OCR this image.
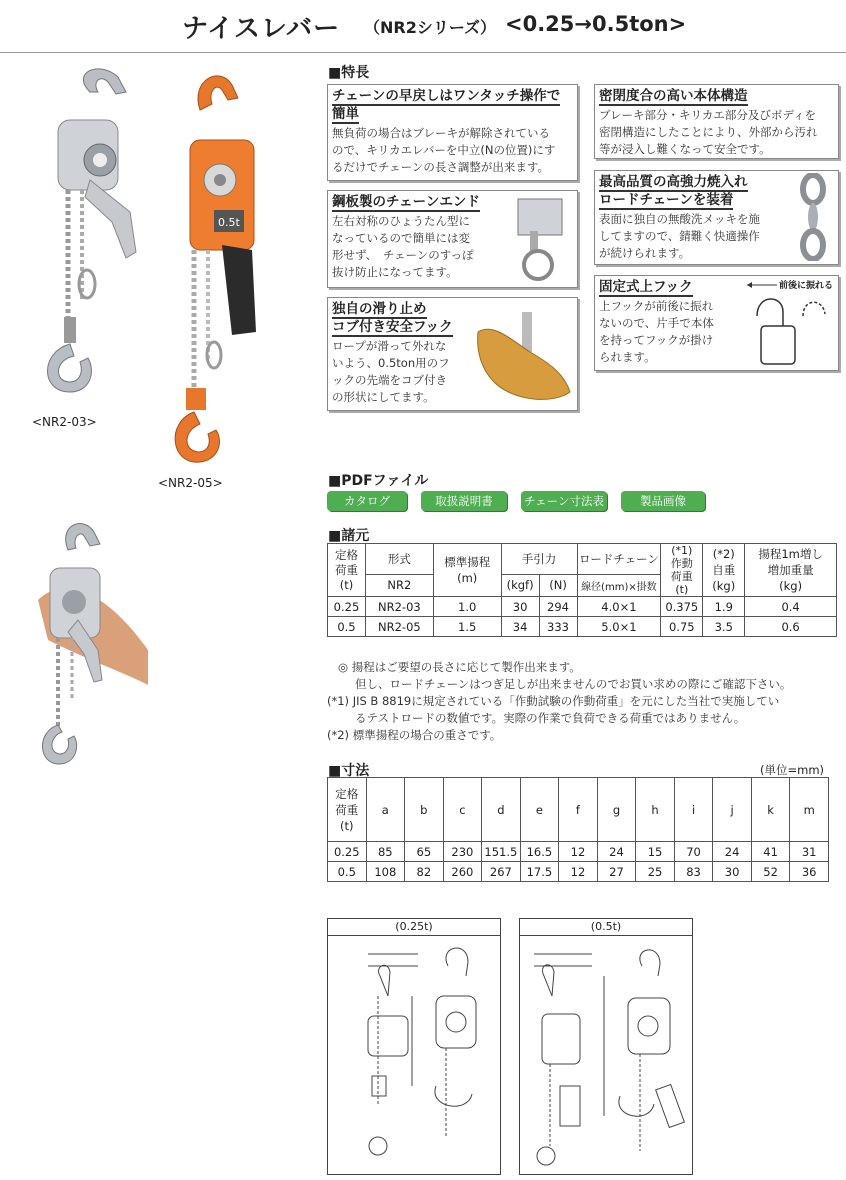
ナイスレバー （NR2シリーズ） <0.25→0.5ton>
<NR2-03>
0.5t
<NR2-05>
■特長
チェーンの早戻しはワンタッチ操作で
簡単
無負荷の場合はブレーキが解除されている
ので、キリカエレバーを中立(Nの位置)にす
るだけでチェーンの長さ調整が出来ます。
鋼板製のチェーンエンド
左右対称のひょうたん型に
なっているので簡単には変
形せず、　チェーンのすっぽ
抜け防止になってます。
独自の滑り止め
コブ付き安全フック
ロープが滑って外れな
いよう、0.5ton用のフ
ックの先端をコブ付き
の形状にしてます。
密閉度合の高い本体構造
ブレーキ部分・キリカエ部分及びボディを
密閉構造にしたことにより、外部から汚れ
等が浸入し難くなって安全です。
最高品質の高強力焼入れ
ロードチェーンを装着
表面に独自の無酸洗メッキを施
してますので、錆難く快適操作
が続けられます。
固定式上フック
上フックが前後に振れ
ないので、片手で本体
を持ってフックが掛け
られます。
前後に振れる
■PDFファイル
カタログ	取扱説明書	チェーン寸法表	製品画像
■諸元
定格
荷重
(t)	形式	標準揚程
(m)	手引力		ロードチェーン	(*1)
作動
荷重
(t)	(*2)
自重
(kg)	揚程1m増し
増加重量
(kg)
	NR2		(kgf)	(N)	線径(mm)×掛数			
0.25	NR2-03	1.0	30	294	4.0×1	0.375	1.9	0.4
0.5	NR2-05	1.5	34	333	5.0×1	0.75	3.5	0.6
◎ 揚程はご要望の長さに応じて製作出来ます。
但し、ロードチェーンはつぎ足しが出来ませんのでお買い求めの際にご確認下さい。
(*1) JIS B 8819に規定されている「作動試験の作動荷重」を元にした当社で実施してい
るテストロードの数値です。実際の作業で負荷できる荷重ではありません。
(*2) 標準揚程の場合の重さです。
■寸法	(単位=mm)
定格
荷重
(t)	a	b	c	d	e	f	g	h	i	j	k	m
0.25	85	65	230	151.5	16.5	12	24	15	70	24	41	31
0.5	108	82	260	267	17.5	12	27	25	83	30	52	36
(0.25t)	(0.5t)
